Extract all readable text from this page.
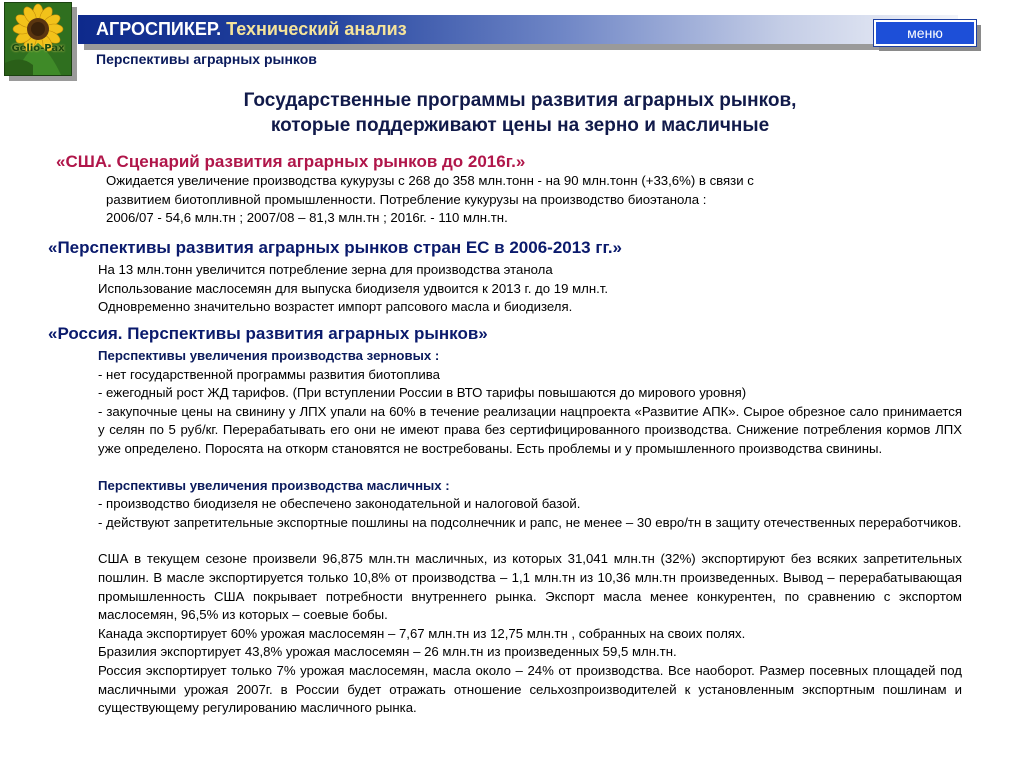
Gelio-Pax
АГРОСПИКЕР. Технический анализ	меню
Перспективы аграрных рынков
Государственные программы развития аграрных рынков,
которые поддерживают цены на зерно и масличные
«США. Сценарий развития аграрных рынков до 2016г.»
Ожидается увеличение производства кукурузы с 268 до 358 млн.тонн - на 90 млн.тонн (+33,6%) в связи с
развитием биотопливной промышленности. Потребление кукурузы на производство биоэтанола :
2006/07 - 54,6 млн.тн ; 2007/08 – 81,3 млн.тн ; 2016г. - 110 млн.тн.
«Перспективы развития аграрных рынков стран ЕС в 2006-2013 гг.»
На 13 млн.тонн увеличится потребление зерна для производства этанола
Использование маслосемян для выпуска биодизеля удвоится к 2013 г. до 19 млн.т.
Одновременно значительно возрастет импорт рапсового масла и биодизеля.
«Россия. Перспективы развития аграрных рынков»
Перспективы увеличения производства зерновых :
- нет государственной программы развития биотоплива
- ежегодный рост ЖД тарифов. (При вступлении России в ВТО тарифы повышаются до мирового уровня)
- закупочные цены на свинину у ЛПХ упали на 60% в течение реализации нацпроекта «Развитие АПК». Сырое обрезное сало принимается у селян по 5 руб/кг. Перерабатывать его они не имеют права без сертифицированного производства. Снижение потребления кормов ЛПХ уже определено. Поросята на откорм становятся не востребованы. Есть проблемы и у промышленного производства свинины.
Перспективы увеличения производства масличных :
- производство биодизеля не обеспечено законодательной и налоговой базой.
- действуют запретительные экспортные пошлины на подсолнечник и рапс, не менее – 30 евро/тн в защиту отечественных переработчиков.
США в текущем сезоне произвели 96,875 млн.тн масличных, из которых 31,041 млн.тн (32%) экспортируют без всяких запретительных пошлин. В масле экспортируется только 10,8% от производства – 1,1 млн.тн из 10,36 млн.тн произведенных. Вывод – перерабатывающая промышленность США покрывает потребности внутреннего рынка. Экспорт масла менее конкурентен, по сравнению с экспортом маслосемян, 96,5% из которых – соевые бобы.
Канада экспортирует 60% урожая маслосемян – 7,67 млн.тн из 12,75 млн.тн , собранных на своих полях.
Бразилия экспортирует 43,8% урожая маслосемян – 26 млн.тн из произведенных 59,5 млн.тн.
Россия экспортирует только 7% урожая маслосемян, масла около – 24% от производства. Все наоборот. Размер посевных площадей под масличными урожая 2007г. в России будет отражать отношение сельхозпроизводителей к установленным экспортным пошлинам и существующему регулированию масличного рынка.
